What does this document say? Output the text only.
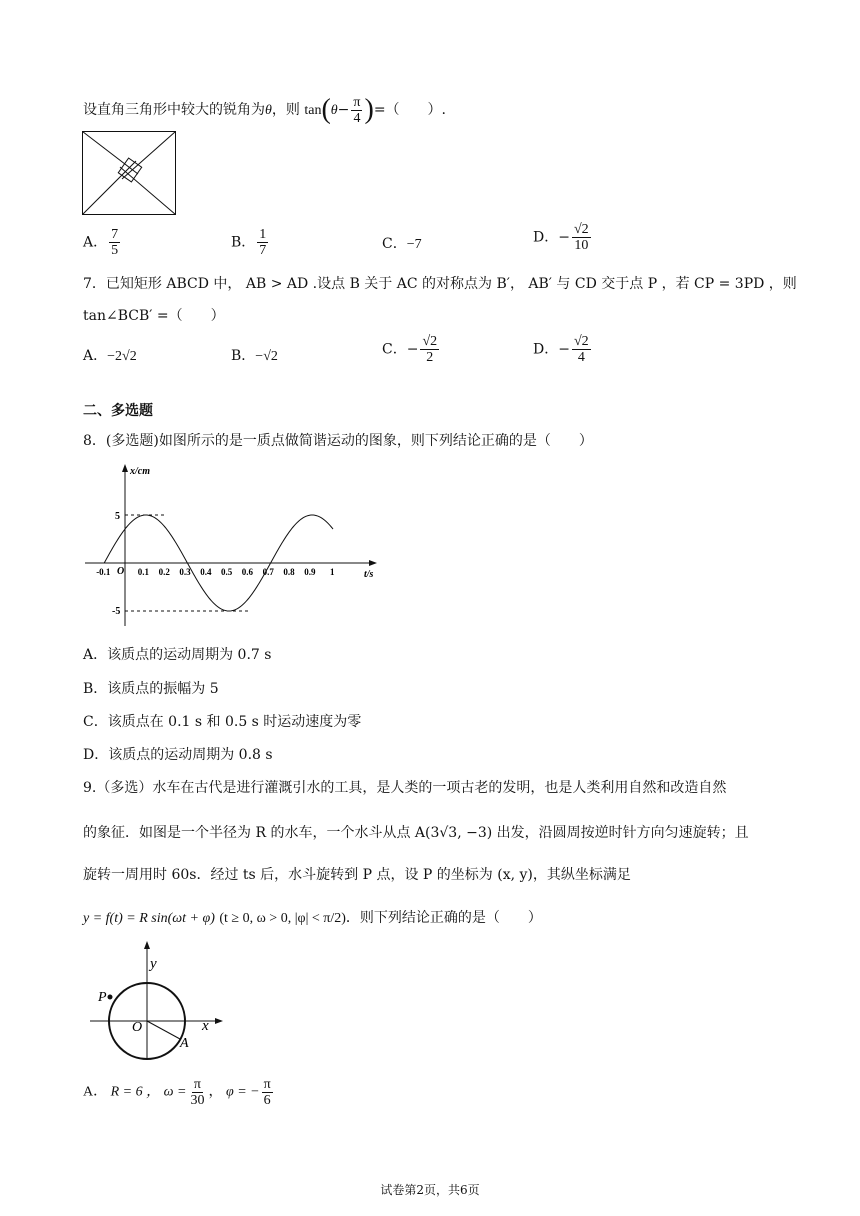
设直角三角形中较大的锐角为θ，则 $\tan(\theta- \frac{\pi}{4}$ )=（　　）.
A． $\frac{7}{5}$	B． $\frac{1}{7}$	C．−7	D．− $\frac{√2}{10}$
7．已知矩形 ABCD 中， AB > AD .设点 B 关于 AC 的对称点为 B′， AB′ 与 CD 交于点 P ，若 CP = 3PD ，则
tan∠BCB′ =（　　）
A．−2√2	B．−√2	C．− $\frac{√2}{2}$	D．− $\frac{√2}{4}$
二、多选题
8．(多选题)如图所示的是一质点做简谐运动的图象，则下列结论正确的是（　　）
x/cm
t/s
O
5
-5
-0.1	0.1 0.2 0.3 0.4 0.5 0.6 0.7 0.8 0.9 1
A．该质点的运动周期为 0.7 s
B．该质点的振幅为 5
C．该质点在 0.1 s 和 0.5 s 时运动速度为零
D．该质点的运动周期为 0.8 s
9.（多选）水车在古代是进行灌溉引水的工具，是人类的一项古老的发明，也是人类利用自然和改造自然
的象征．如图是一个半径为 R 的水车，一个水斗从点 A(3√3, −3) 出发，沿圆周按逆时针方向匀速旋转；且
旋转一周用时 60s．经过 ts 后，水斗旋转到 P 点，设 P 的坐标为 (x, y)，其纵坐标满足
y = f(t) = R sin(ωt + φ) (t ≥ 0, ω > 0, |φ| < π/2)．则下列结论正确的是（　　）
y
x
O
P
A
A． R = 6 ， $\omega = \frac{\pi}{30}$ ， φ = − $\frac{\pi}{6}$
试卷第2页，共6页
